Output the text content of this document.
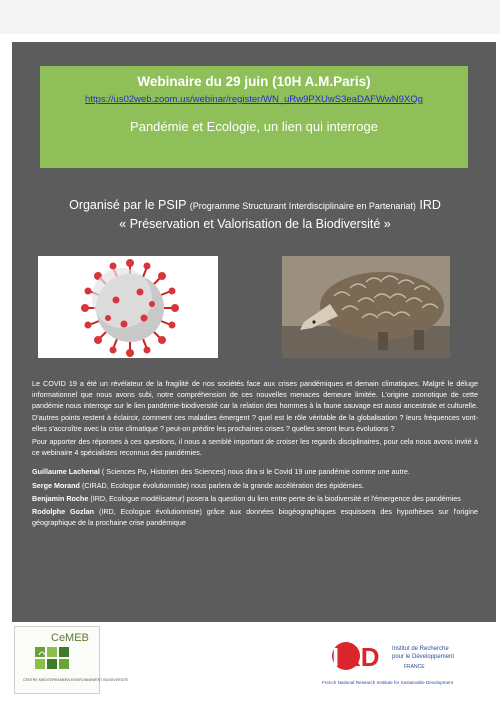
Webinaire du 29 juin (10H A.M.Paris)
https://us02web.zoom.us/webinar/register/WN_uRw9PXUwS3eaDAFWwN9XQg
Pandémie et Ecologie, un lien qui interroge
Organisé par le PSIP (Programme Structurant Interdisciplinaire en Partenariat) IRD
« Préservation et Valorisation de la Biodiversité »

Le COVID 19 a été un révélateur de la fragilité de nos sociétés face aux crises pandémiques et demain climatiques. Malgré le déluge informationnel que nous avons subi, notre compréhension de ces nouvelles menaces demeure limitée. L'origine zoonotique de cette pandémie nous interroge sur le lien pandémie-biodiversité car la relation des hommes à la faune sauvage est aussi ancestrale et culturelle. D'autres points restent à éclaircir, comment ces maladies émergent ? quel est le rôle véritable de la globalisation ? leurs fréquences vont-elles s'accroître avec la crise climatique ? peut-on prédire les prochaines crises ? quelles seront leurs évolutions ?

Pour apporter des réponses à ces questions, il nous a semblé important de croiser les regards disciplinaires, pour cela nous avons invité à ce webinaire 4 spécialistes reconnus des pandémies.

Guillaume Lachenal ( Sciences Po, Historien des Sciences) nous dira si le Covid 19 une pandémie comme une autre.

Serge Morand (CIRAD, Ecologue évolutionniste) nous parlera de la grande accélération des épidémies.

Benjamin Roche (IRD, Ecologue modélisateur) posera la question du lien entre perte de la biodiversité et l'émergence des pandémies

Rodolphe Gozlan (IRD, Ecologue évolutionniste) grâce aux données biogéographiques esquissera des hypothèses sur l'origine géographique de la prochaine crise pandémique

CeMEB
CENTRE MEDITERRANEEN ENVIRONNEMENT BIODIVERSITE
I RD Institut de Recherche
pour le Développement
FRANCE
French National Research Institute for Sustainable Development
